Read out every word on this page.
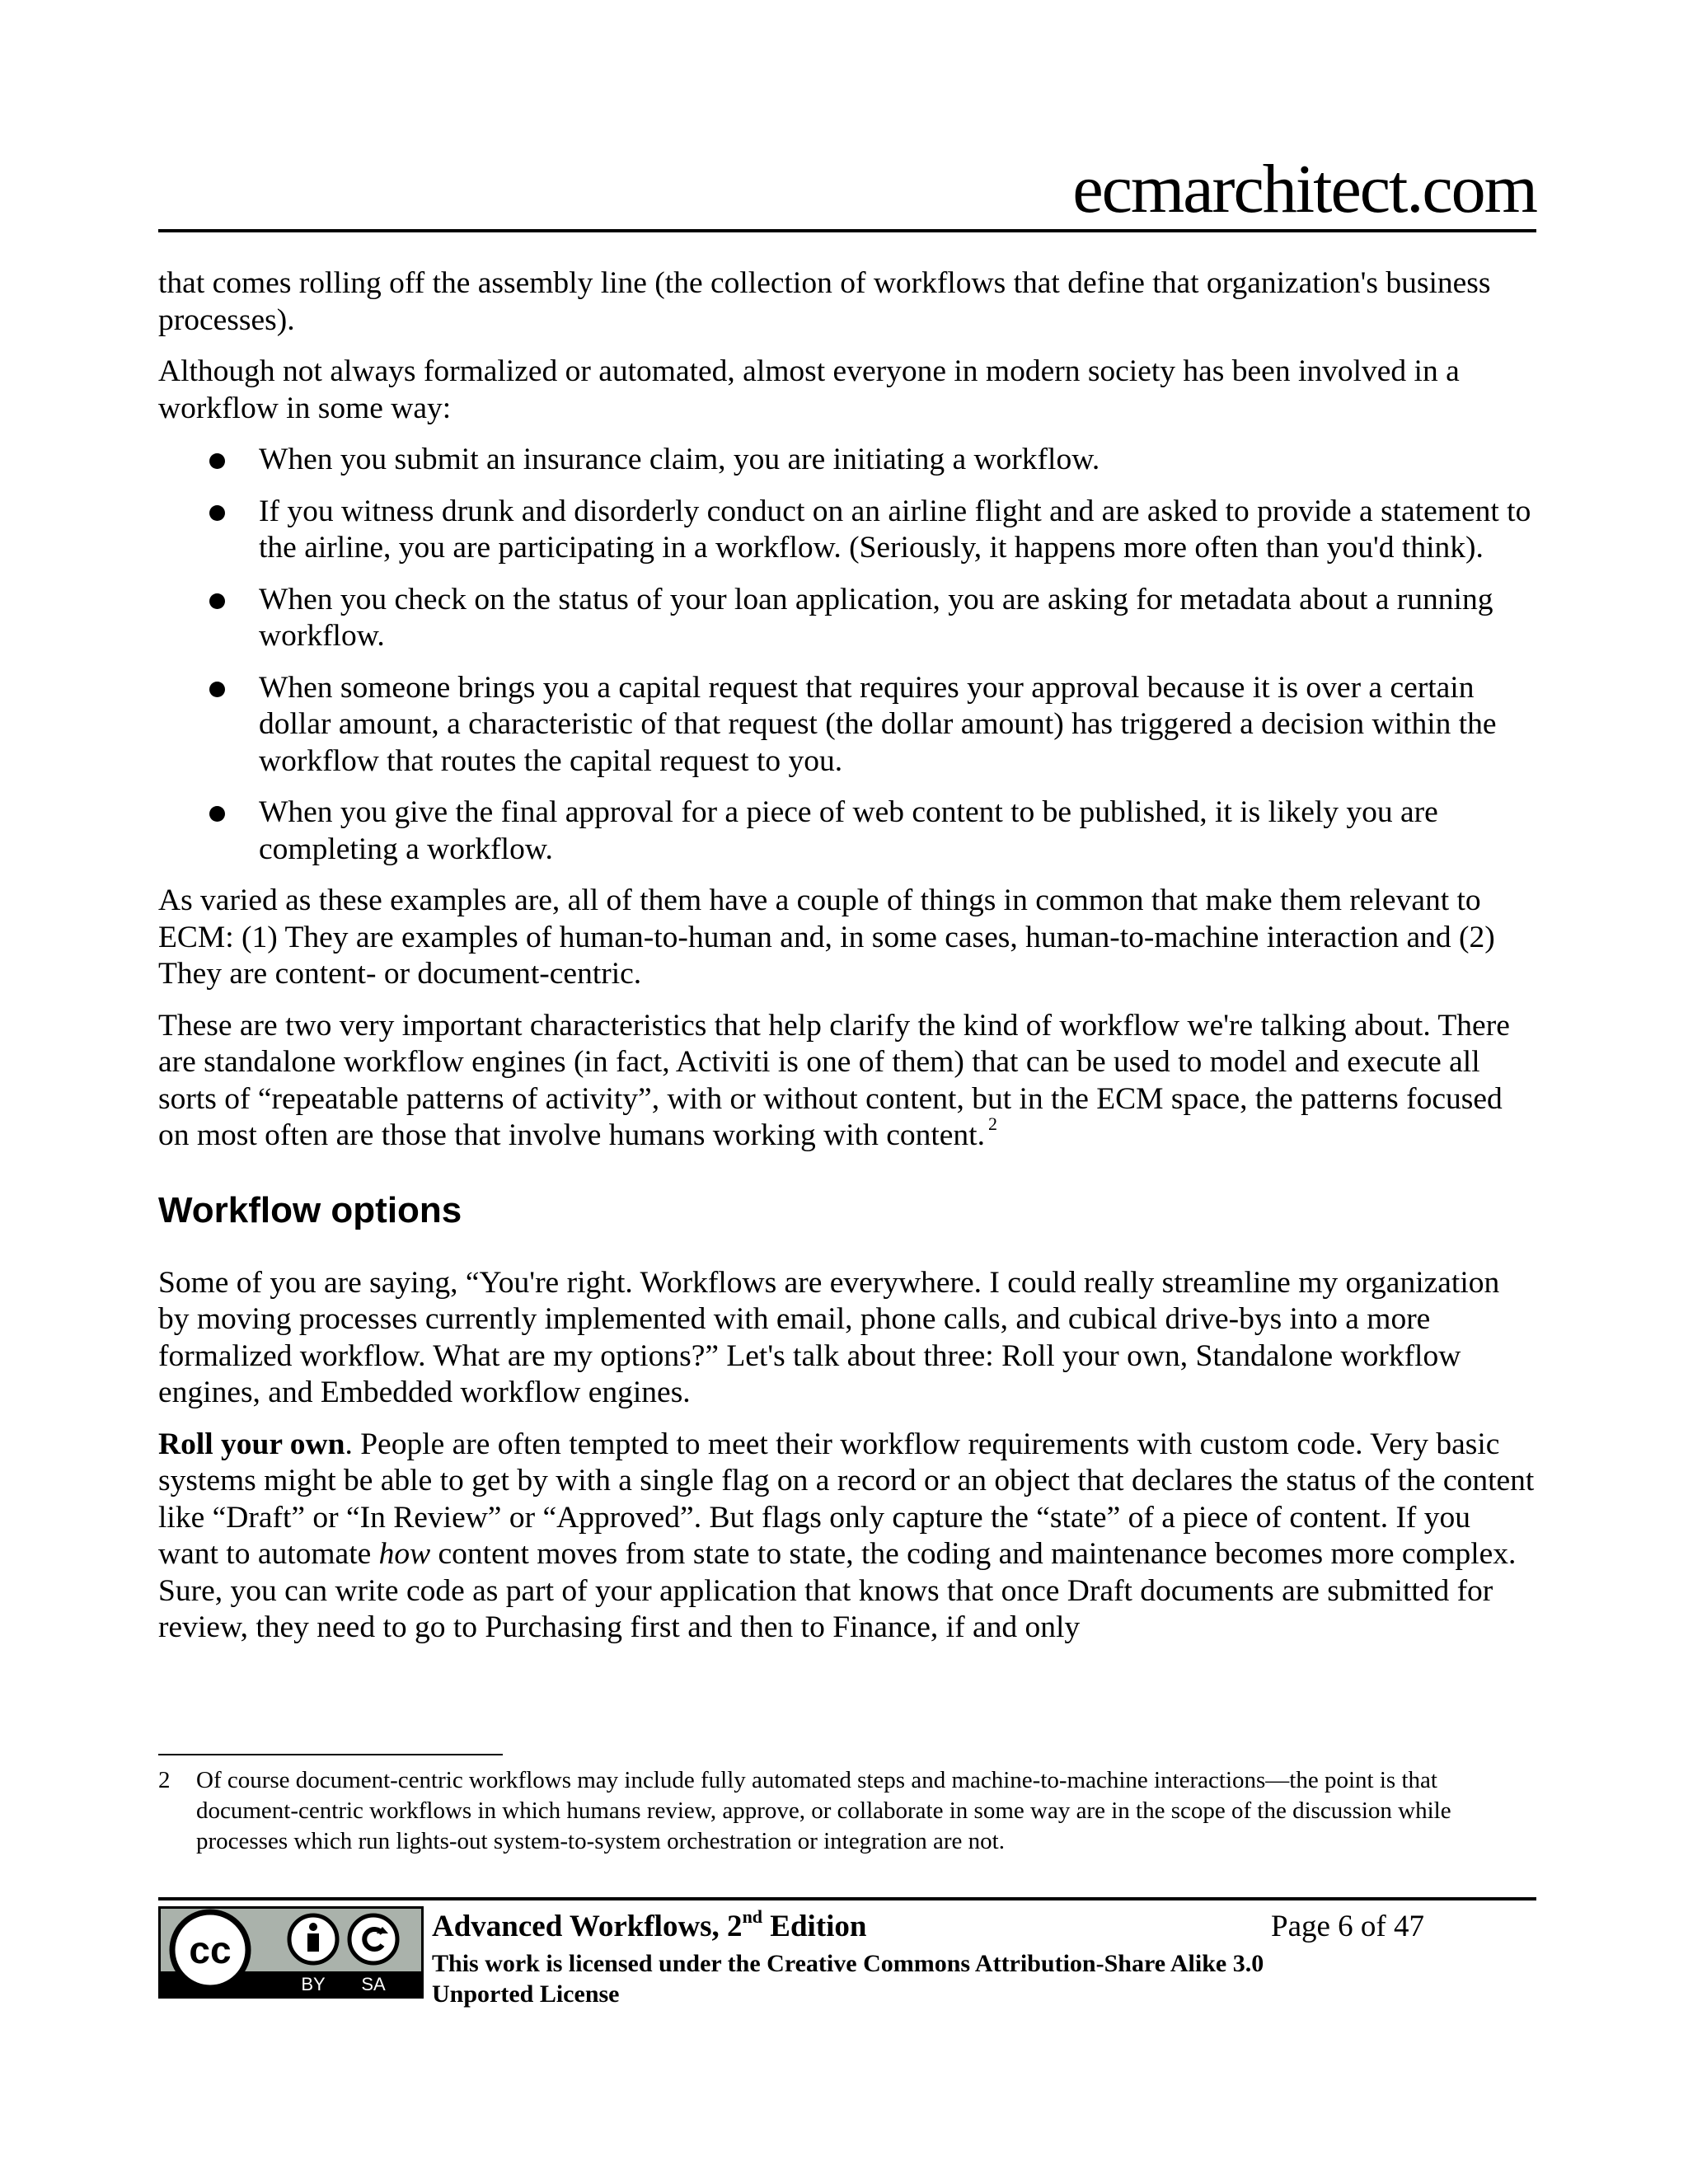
ecmarchitect.com

that comes rolling off the assembly line (the collection of workflows that define that organization's business processes).

Although not always formalized or automated, almost everyone in modern society has been involved in a workflow in some way:

When you submit an insurance claim, you are initiating a workflow.
If you witness drunk and disorderly conduct on an airline flight and are asked to provide a statement to the airline, you are participating in a workflow. (Seriously, it happens more often than you'd think).
When you check on the status of your loan application, you are asking for metadata about a running workflow.
When someone brings you a capital request that requires your approval because it is over a certain dollar amount, a characteristic of that request (the dollar amount) has triggered a decision within the workflow that routes the capital request to you.
When you give the final approval for a piece of web content to be published, it is likely you are completing a workflow.

As varied as these examples are, all of them have a couple of things in common that make them relevant to ECM: (1) They are examples of human-to-human and, in some cases, human-to-machine interaction and (2) They are content- or document-centric.

These are two very important characteristics that help clarify the kind of workflow we're talking about. There are standalone workflow engines (in fact, Activiti is one of them) that can be used to model and execute all sorts of “repeatable patterns of activity”, with or without content, but in the ECM space, the patterns focused on most often are those that involve humans working with content. $^2$

Workflow options

Some of you are saying, “You're right. Workflows are everywhere. I could really streamline my organization by moving processes currently implemented with email, phone calls, and cubical drive-bys into a more formalized workflow. What are my options?” Let's talk about three: Roll your own, Standalone workflow engines, and Embedded workflow engines.

Roll your own. People are often tempted to meet their workflow requirements with custom code. Very basic systems might be able to get by with a single flag on a record or an object that declares the status of the content like “Draft” or “In Review” or “Approved”. But flags only capture the “state” of a piece of content. If you want to automate how content moves from state to state, the coding and maintenance becomes more complex. Sure, you can write code as part of your application that knows that once Draft documents are submitted for review, they need to go to Purchasing first and then to Finance, if and only

2	Of course document-centric workflows may include fully automated steps and machine-to-machine interactions—the point is that document-centric workflows in which humans review, approve, or collaborate in some way are in the scope of the discussion while processes which run lights-out system-to-system orchestration or integration are not.
cc
BY SA
Advanced Workflows, 2nd Edition	Page 6 of 47
This work is licensed under the Creative Commons Attribution-Share Alike 3.0 Unported License
